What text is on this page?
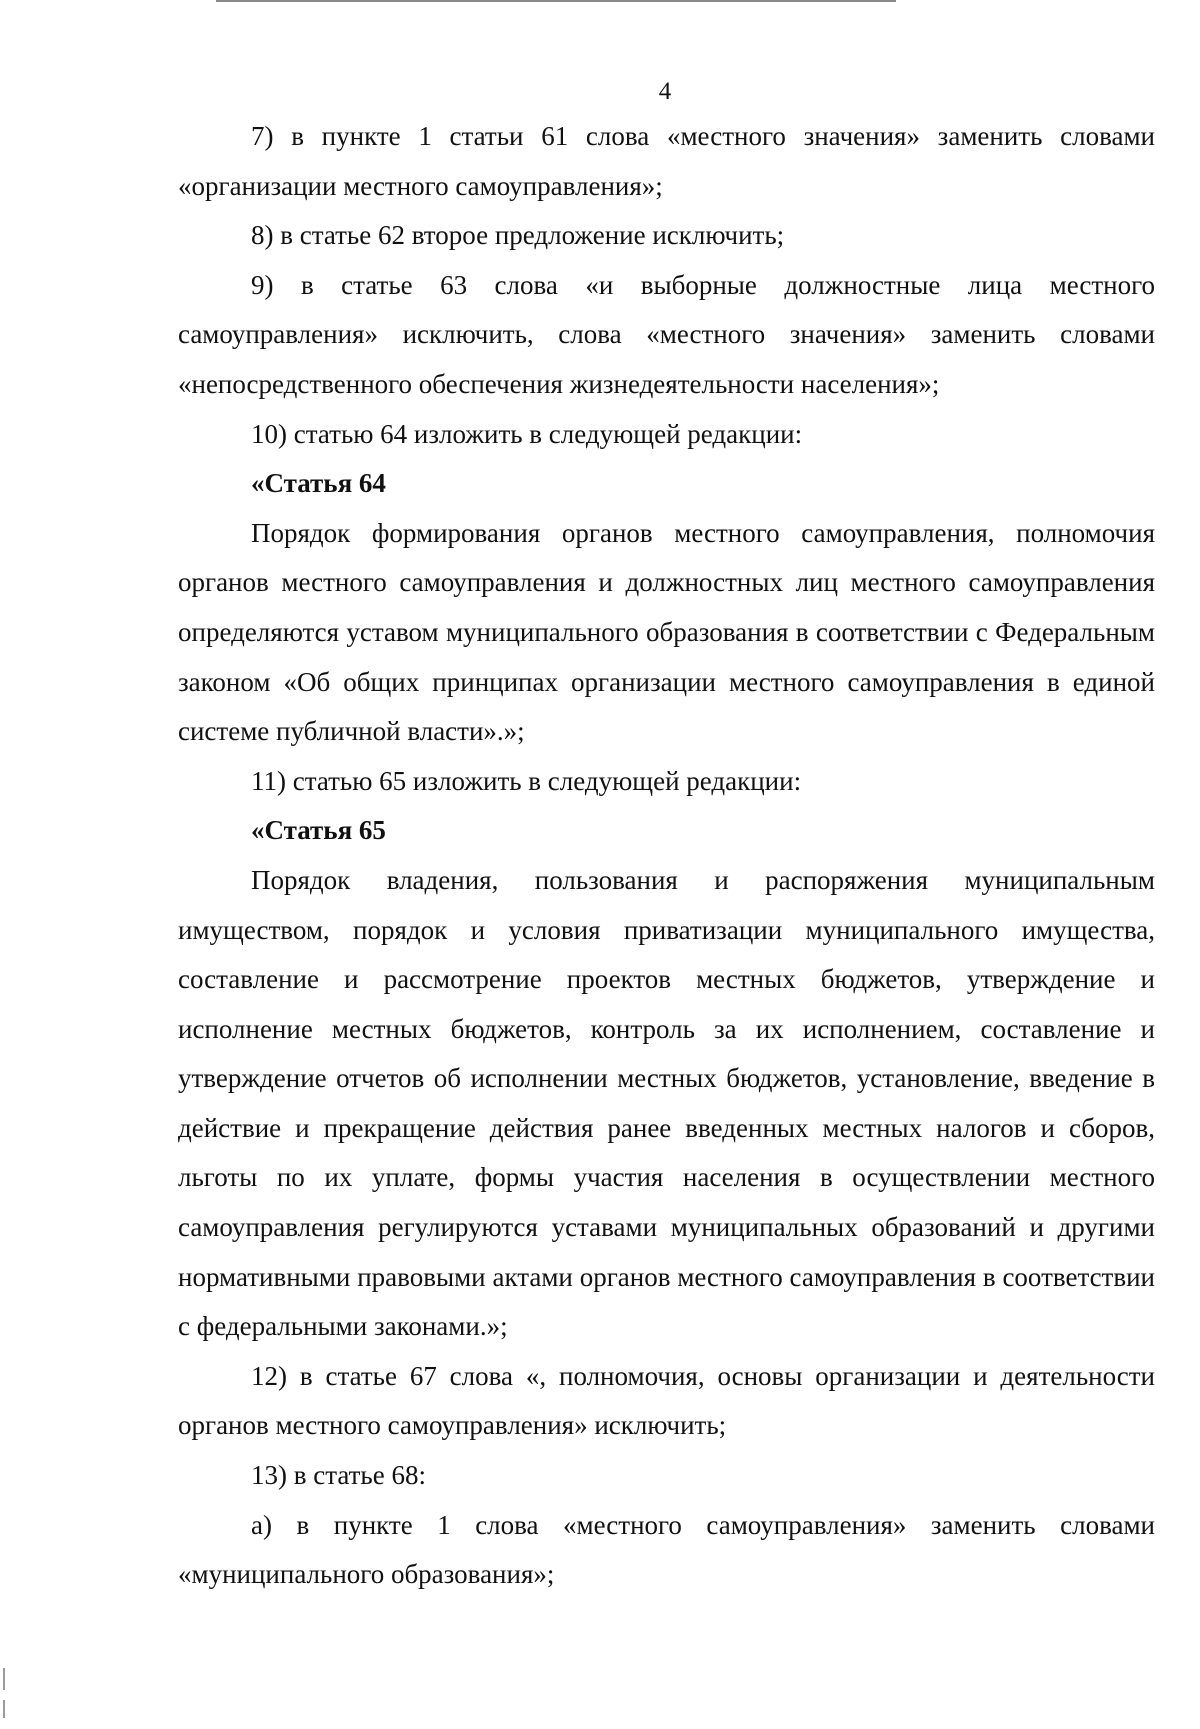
4

7) в пункте 1 статьи 61 слова «местного значения» заменить словами «организации местного самоуправления»;

8) в статье 62 второе предложение исключить;

9) в статье 63 слова «и выборные должностные лица местного самоуправления» исключить, слова «местного значения» заменить словами «непосредственного обеспечения жизнедеятельности населения»;

10) статью 64 изложить в следующей редакции:

«Статья 64

Порядок формирования органов местного самоуправления, полномочия органов местного самоуправления и должностных лиц местного самоуправления определяются уставом муниципального образования в соответствии с Федеральным законом «Об общих принципах организации местного самоуправления в единой системе публичной власти».»;

11) статью 65 изложить в следующей редакции:

«Статья 65

Порядок владения, пользования и распоряжения муниципальным имуществом, порядок и условия приватизации муниципального имущества, составление и рассмотрение проектов местных бюджетов, утверждение и исполнение местных бюджетов, контроль за их исполнением, составление и утверждение отчетов об исполнении местных бюджетов, установление, введение в действие и прекращение действия ранее введенных местных налогов и сборов, льготы по их уплате, формы участия населения в осуществлении местного самоуправления регулируются уставами муниципальных образований и другими нормативными правовыми актами органов местного самоуправления в соответствии с федеральными законами.»;

12) в статье 67 слова «, полномочия, основы организации и деятельности органов местного самоуправления» исключить;

13) в статье 68:

а) в пункте 1 слова «местного самоуправления» заменить словами «муниципального образования»;
